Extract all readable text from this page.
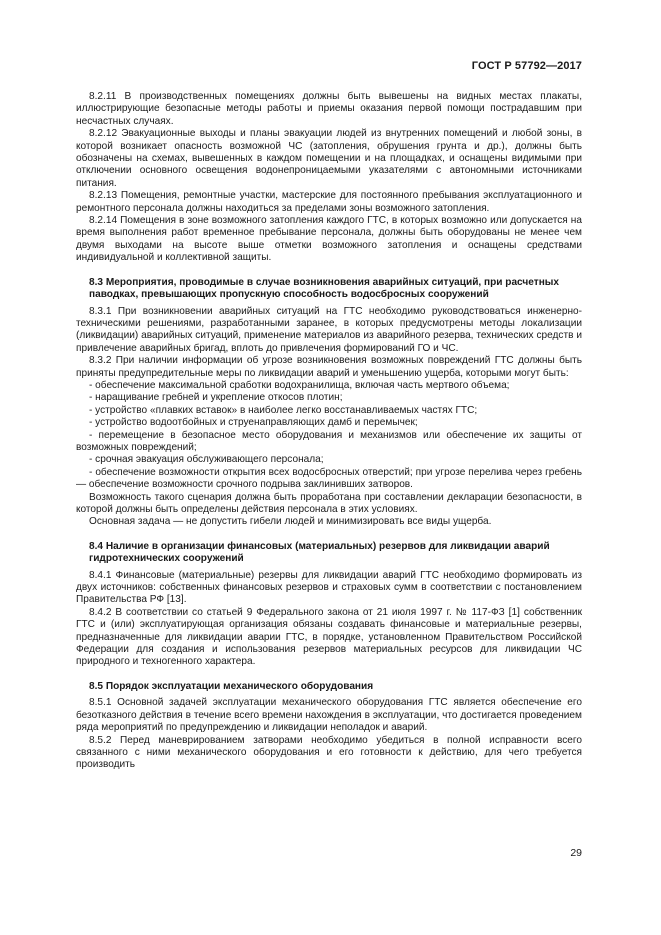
ГОСТ Р 57792—2017

8.2.11 В производственных помещениях должны быть вывешены на видных местах плакаты, иллюстрирующие безопасные методы работы и приемы оказания первой помощи пострадавшим при несчастных случаях.

8.2.12 Эвакуационные выходы и планы эвакуации людей из внутренних помещений и любой зоны, в которой возникает опасность возможной ЧС (затопления, обрушения грунта и др.), должны быть обозначены на схемах, вывешенных в каждом помещении и на площадках, и оснащены видимыми при отключении основного освещения водонепроницаемыми указателями с автономными источниками питания.

8.2.13 Помещения, ремонтные участки, мастерские для постоянного пребывания эксплуатационного и ремонтного персонала должны находиться за пределами зоны возможного затопления.

8.2.14 Помещения в зоне возможного затопления каждого ГТС, в которых возможно или допускается на время выполнения работ временное пребывание персонала, должны быть оборудованы не менее чем двумя выходами на высоте выше отметки возможного затопления и оснащены средствами индивидуальной и коллективной защиты.

8.3 Мероприятия, проводимые в случае возникновения аварийных ситуаций, при расчетных паводках, превышающих пропускную способность водосбросных сооружений

8.3.1 При возникновении аварийных ситуаций на ГТС необходимо руководствоваться инженерно-техническими решениями, разработанными заранее, в которых предусмотрены методы локализации (ликвидации) аварийных ситуаций, применение материалов из аварийного резерва, технических средств и привлечение аварийных бригад, вплоть до привлечения формирований ГО и ЧС.

8.3.2 При наличии информации об угрозе возникновения возможных повреждений ГТС должны быть приняты предупредительные меры по ликвидации аварий и уменьшению ущерба, которыми могут быть:

- обеспечение максимальной сработки водохранилища, включая часть мертвого объема;

- наращивание гребней и укрепление откосов плотин;

- устройство «плавких вставок» в наиболее легко восстанавливаемых частях ГТС;

- устройство водоотбойных и струенаправляющих дамб и перемычек;

- перемещение в безопасное место оборудования и механизмов или обеспечение их защиты от возможных повреждений;

- срочная эвакуация обслуживающего персонала;

- обеспечение возможности открытия всех водосбросных отверстий; при угрозе перелива через гребень — обеспечение возможности срочного подрыва заклинивших затворов.

Возможность такого сценария должна быть проработана при составлении декларации безопасности, в которой должны быть определены действия персонала в этих условиях.

Основная задача — не допустить гибели людей и минимизировать все виды ущерба.

8.4 Наличие в организации финансовых (материальных) резервов для ликвидации аварий гидротехнических сооружений

8.4.1 Финансовые (материальные) резервы для ликвидации аварий ГТС необходимо формировать из двух источников: собственных финансовых резервов и страховых сумм в соответствии с постановлением Правительства РФ [13].

8.4.2 В соответствии со статьей 9 Федерального закона от 21 июля 1997 г. № 117-ФЗ [1] собственник ГТС и (или) эксплуатирующая организация обязаны создавать финансовые и материальные резервы, предназначенные для ликвидации аварии ГТС, в порядке, установленном Правительством Российской Федерации для создания и использования резервов материальных ресурсов для ликвидации ЧС природного и техногенного характера.

8.5 Порядок эксплуатации механического оборудования

8.5.1 Основной задачей эксплуатации механического оборудования ГТС является обеспечение его безотказного действия в течение всего времени нахождения в эксплуатации, что достигается проведением ряда мероприятий по предупреждению и ликвидации неполадок и аварий.

8.5.2 Перед маневрированием затворами необходимо убедиться в полной исправности всего связанного с ними механического оборудования и его готовности к действию, для чего требуется производить

29
